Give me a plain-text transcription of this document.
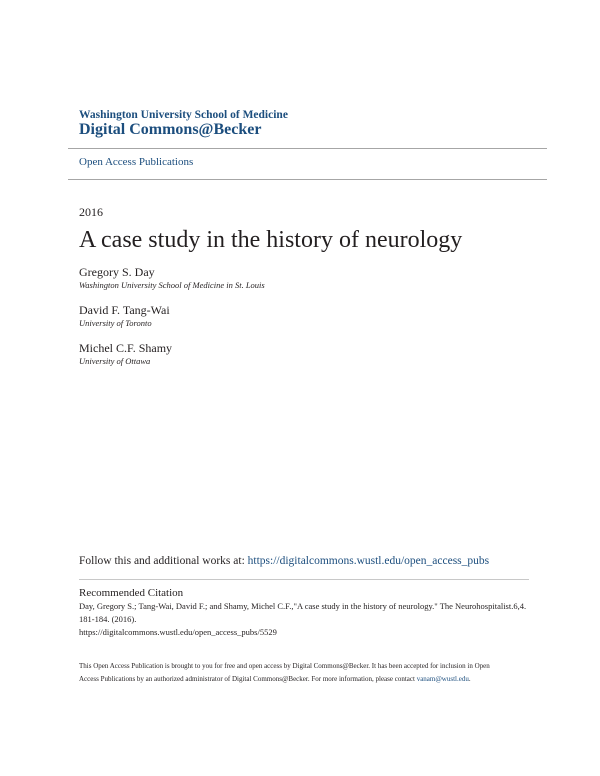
Washington University School of Medicine
Digital Commons@Becker
Open Access Publications
2016
A case study in the history of neurology
Gregory S. Day
Washington University School of Medicine in St. Louis
David F. Tang-Wai
University of Toronto
Michel C.F. Shamy
University of Ottawa
Follow this and additional works at: https://digitalcommons.wustl.edu/open_access_pubs
Recommended Citation
Day, Gregory S.; Tang-Wai, David F.; and Shamy, Michel C.F.,"A case study in the history of neurology." The Neurohospitalist.6,4.
181-184. (2016).
https://digitalcommons.wustl.edu/open_access_pubs/5529
This Open Access Publication is brought to you for free and open access by Digital Commons@Becker. It has been accepted for inclusion in Open
Access Publications by an authorized administrator of Digital Commons@Becker. For more information, please contact vanam@wustl.edu.
